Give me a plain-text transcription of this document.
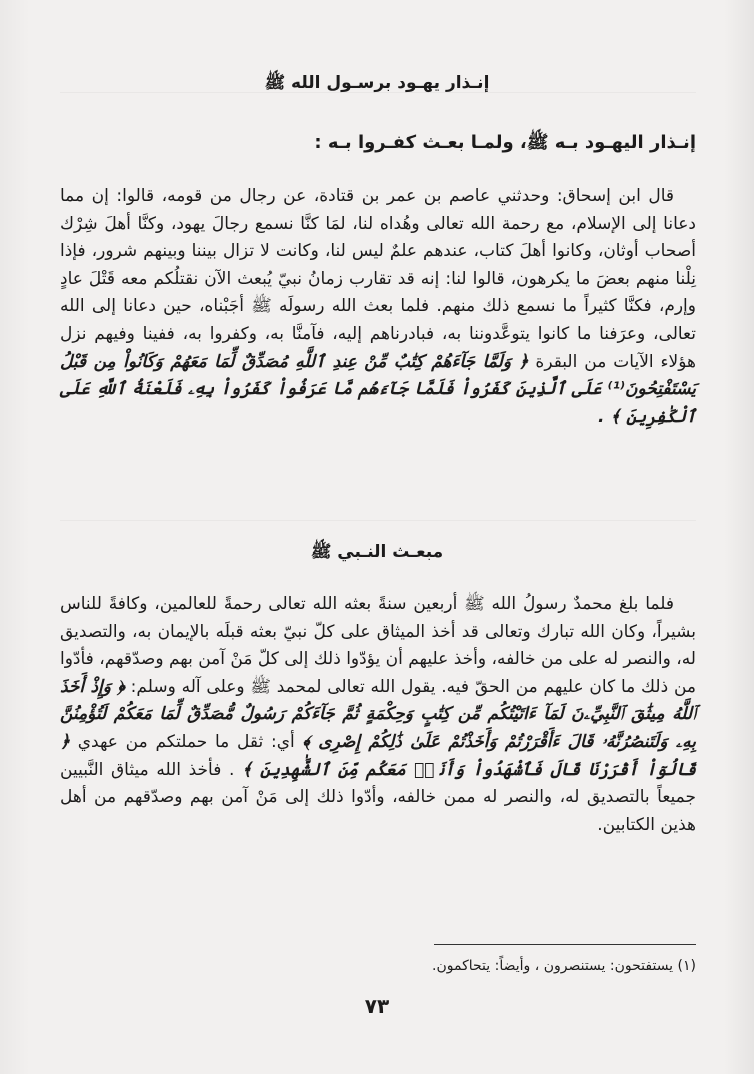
إنـذار يهـود برسـول الله ﷺ
إنـذار اليهـود بـه ﷺ، ولمـا بعـث كفـروا بـه :

قال ابن إسحاق: وحدثني عاصم بن عمر بن قتادة، عن رجال من قومه، قالوا: إن مما دعانا إلى الإسلام، مع رحمة الله تعالى وهُداه لنا، لمَا كنَّا نسمع رجالَ يهود، وكنَّا أهلَ شِرْك أصحاب أوثان، وكانوا أهلَ كتاب، عندهم علمٌ ليس لنا، وكانت لا تزال بيننا وبينهم شرور، فإذا نِلْنا منهم بعضَ ما يكرهون، قالوا لنا: إنه قد تقارب زمانُ نبيّ يُبعث الآن نقتلُكم معه قَتْلَ عادٍ وإرم، فكنَّا كثيراً ما نسمع ذلك منهم. فلما بعث الله رسولَه ﷺ أجَبْناه، حين دعانا إلى الله تعالى، وعرَفنا ما كانوا يتوعَّدوننا به، فبادرناهم إليه، فآمنَّا به، وكفروا به، ففينا وفيهم نزل هؤلاء الآيات من البقرة ﴿ وَلَمَّا جَآءَهُمْ كِتَٰبٌ مِّنْ عِندِ ٱللَّهِ مُصَدِّقٌ لِّمَا مَعَهُمْ وَكَانُواْ مِن قَبْلُ يَسْتَفْتِحُونَ⁽¹⁾ عَلَى ٱلَّذِينَ كَفَرُواْ فَلَمَّا جَآءَهُم مَّا عَرَفُواْ كَفَرُواْ بِهِۦ فَلَعْنَةُ ٱللَّهِ عَلَى ٱلْكَٰفِرِينَ ﴾ .

مبعـث النـبي ﷺ

فلما بلغ محمدٌ رسولُ الله ﷺ أربعين سنةً بعثه الله تعالى رحمةً للعالمين، وكافةً للناس بشيراً، وكان الله تبارك وتعالى قد أخذ الميثاق على كلّ نبيّ بعثه قبلَه بالإيمان به، والتصديق له، والنصر له على من خالفه، وأخذ عليهم أن يؤدّوا ذلك إلى كلّ مَنْ آمن بهم وصدّقهم، فأدّوا من ذلك ما كان عليهم من الحقّ فيه. يقول الله تعالى لمحمد ﷺ وعلى آله وسلم: ﴿ وَإِذْ أَخَذَ ٱللَّهُ مِيثَٰقَ ٱلنَّبِيِّۦنَ لَمَآ ءَاتَيْتُكُم مِّن كِتَٰبٍ وَحِكْمَةٍ ثُمَّ جَآءَكُمْ رَسُولٌ مُّصَدِّقٌ لِّمَا مَعَكُمْ لَتُؤْمِنُنَّ بِهِۦ وَلَتَنصُرُنَّهُۥ قَالَ ءَأَقْرَرْتُمْ وَأَخَذْتُمْ عَلَىٰ ذَٰلِكُمْ إِصْرِى ﴾ أي: ثقل ما حملتكم من عهدي ﴿ قَالُوٓاْ أَقْرَرْنَا قَالَ فَٱشْهَدُواْ وَأَنَا۠ مَعَكُم مِّنَ ٱلشَّٰهِدِينَ ﴾ . فأخذ الله ميثاق النَّبيين جميعاً بالتصديق له، والنصر له ممن خالفه، وأدّوا ذلك إلى مَنْ آمن بهم وصدّقهم من أهل هذين الكتابين.

(١) يستفتحون: يستنصرون ، وأيضاً: يتحاكمون.
٧٣
